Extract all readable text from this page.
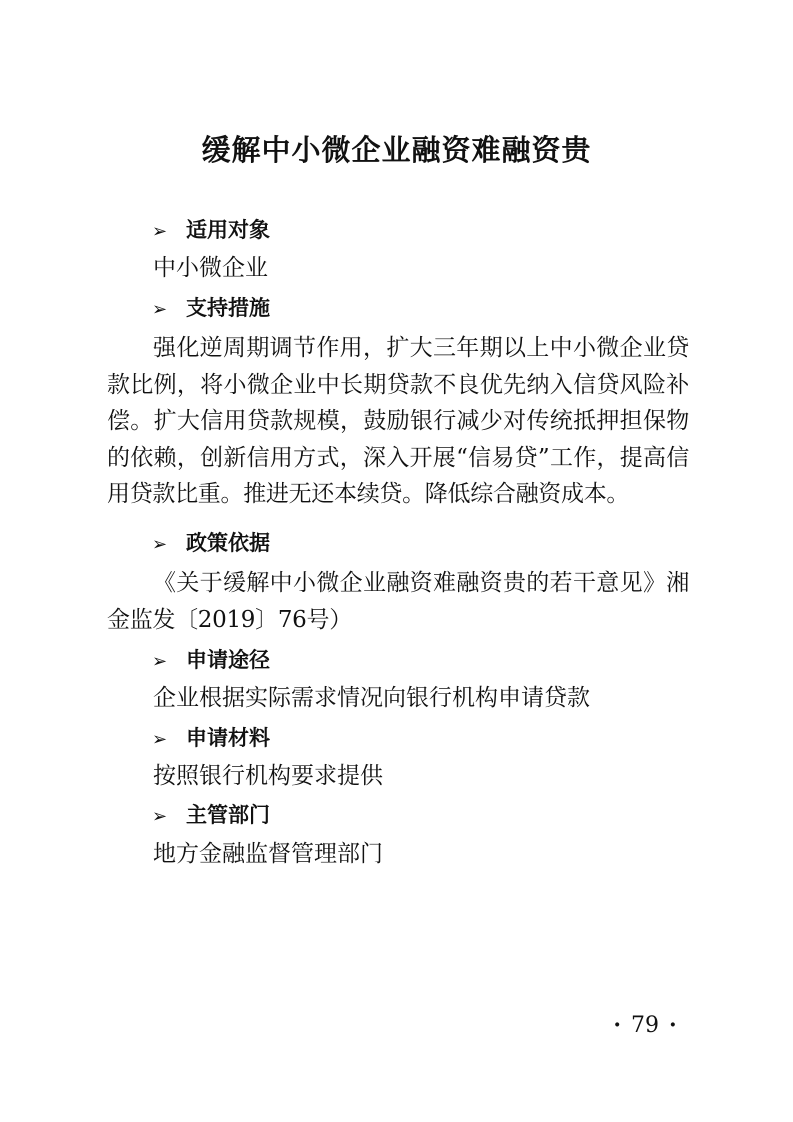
缓解中小微企业融资难融资贵
➢ 适用对象

中小微企业

➢ 支持措施

强化逆周期调节作用，扩大三年期以上中小微企业贷款比例，将小微企业中长期贷款不良优先纳入信贷风险补偿。扩大信用贷款规模，鼓励银行减少对传统抵押担保物的依赖，创新信用方式，深入开展“信易贷”工作，提高信用贷款比重。推进无还本续贷。降低综合融资成本。

➢ 政策依据

《关于缓解中小微企业融资难融资贵的若干意见》湘金监发〔2019〕76号）

➢ 申请途径

企业根据实际需求情况向银行机构申请贷款

➢ 申请材料

按照银行机构要求提供

➢ 主管部门

地方金融监督管理部门

· 79 ·
